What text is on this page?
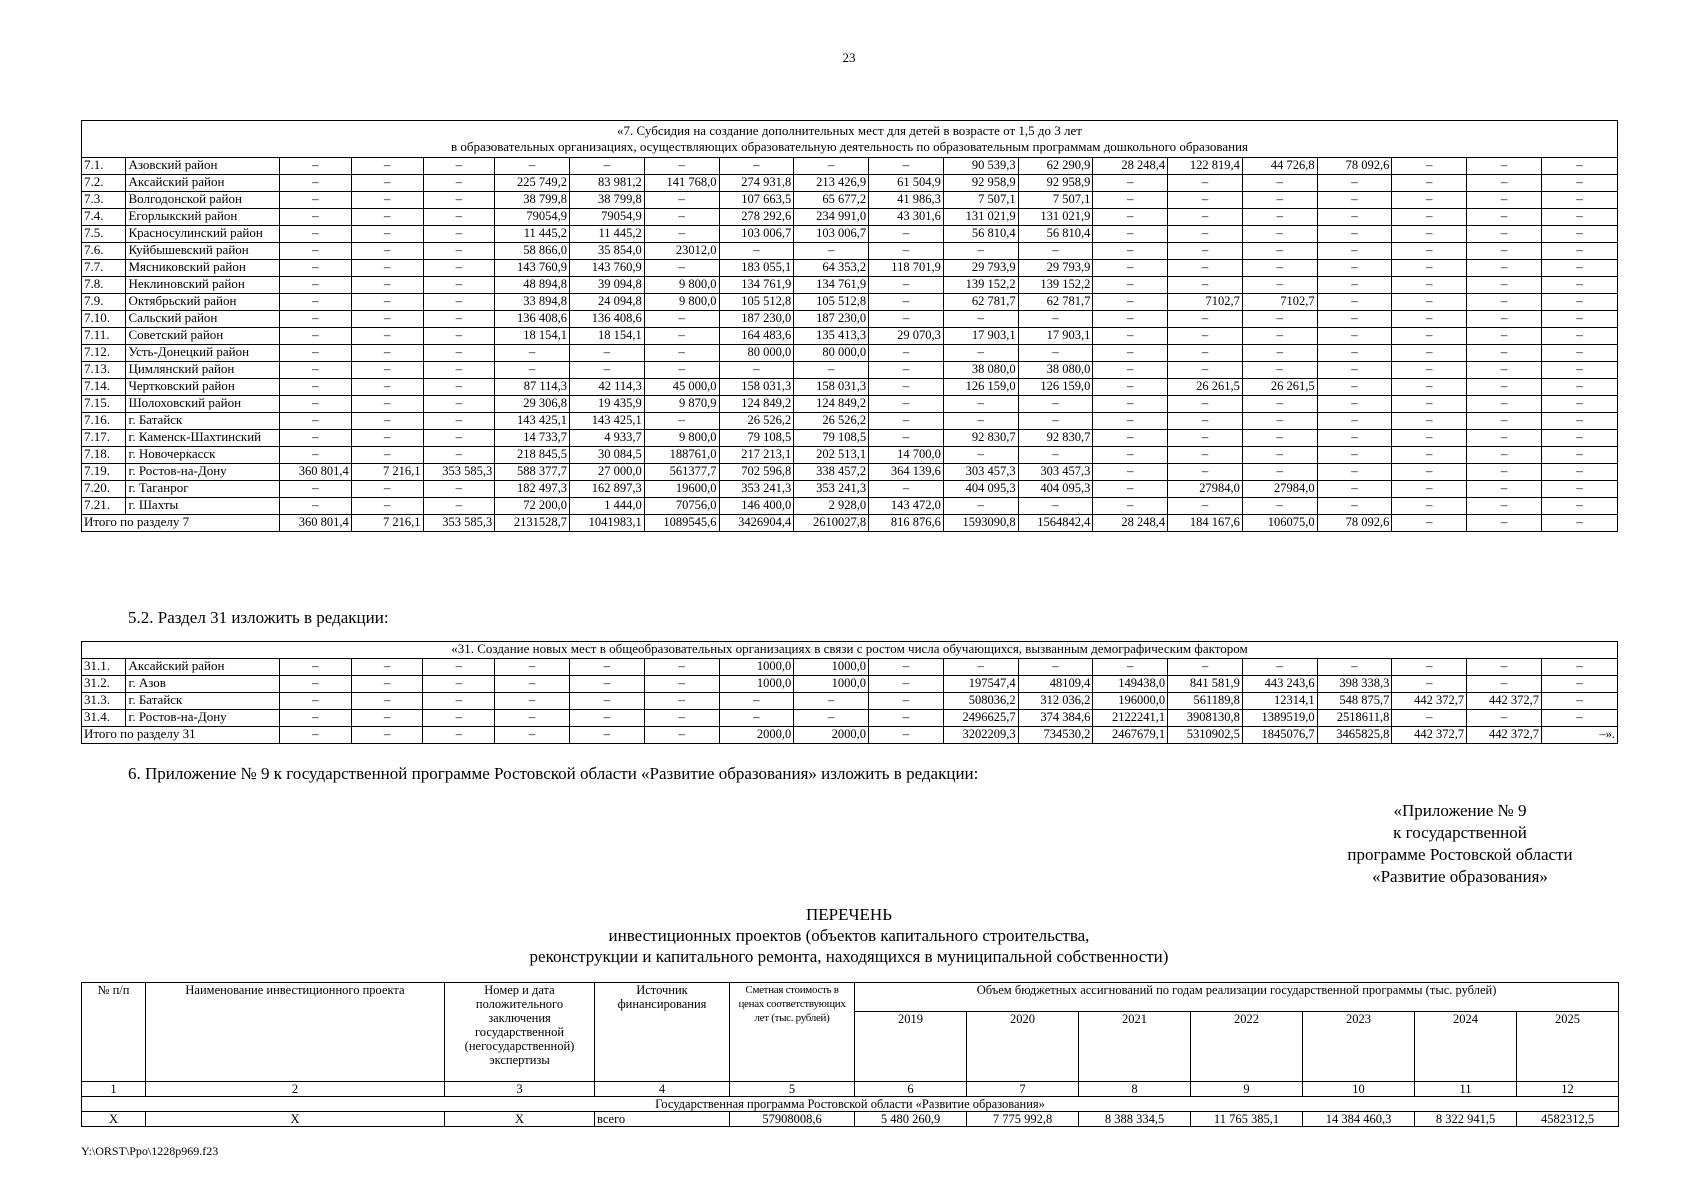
23
«7. Субсидия на создание дополнительных мест для детей в возрасте от 1,5 до 3 лет
в образовательных организациях, осуществляющих образовательную деятельность по образовательным программам дошкольного образования																			

7.1.	Азовский район	–	–	–	–	–	–	–	–	–	90 539,3	62 290,9	28 248,4	122 819,4	44 726,8	78 092,6	–	–	–
7.2.	Аксайский район	–	–	–	225 749,2	83 981,2	141 768,0	274 931,8	213 426,9	61 504,9	92 958,9	92 958,9	–	–	–	–	–	–	–
7.3.	Волгодонской район	–	–	–	38 799,8	38 799,8	–	107 663,5	65 677,2	41 986,3	7 507,1	7 507,1	–	–	–	–	–	–	–
7.4.	Егорлыкский район	–	–	–	79054,9	79054,9	–	278 292,6	234 991,0	43 301,6	131 021,9	131 021,9	–	–	–	–	–	–	–
7.5.	Красносулинский район	–	–	–	11 445,2	11 445,2	–	103 006,7	103 006,7	–	56 810,4	56 810,4	–	–	–	–	–	–	–
7.6.	Куйбышевский район	–	–	–	58 866,0	35 854,0	23012,0	–	–	–	–	–	–	–	–	–	–	–	–
7.7.	Мясниковский район	–	–	–	143 760,9	143 760,9	–	183 055,1	64 353,2	118 701,9	29 793,9	29 793,9	–	–	–	–	–	–	–
7.8.	Неклиновский район	–	–	–	48 894,8	39 094,8	9 800,0	134 761,9	134 761,9	–	139 152,2	139 152,2	–	–	–	–	–	–	–
7.9.	Октябрьский район	–	–	–	33 894,8	24 094,8	9 800,0	105 512,8	105 512,8	–	62 781,7	62 781,7	–	7102,7	7102,7	–	–	–	–
7.10.	Сальский район	–	–	–	136 408,6	136 408,6	–	187 230,0	187 230,0	–	–	–	–	–	–	–	–	–	–
7.11.	Советский район	–	–	–	18 154,1	18 154,1	–	164 483,6	135 413,3	29 070,3	17 903,1	17 903,1	–	–	–	–	–	–	–
7.12.	Усть-Донецкий район	–	–	–	–	–	–	80 000,0	80 000,0	–	–	–	–	–	–	–	–	–	–
7.13.	Цимлянский район	–	–	–	–	–	–	–	–	–	38 080,0	38 080,0	–	–	–	–	–	–	–
7.14.	Чертковский район	–	–	–	87 114,3	42 114,3	45 000,0	158 031,3	158 031,3	–	126 159,0	126 159,0	–	26 261,5	26 261,5	–	–	–	–
7.15.	Шолоховский район	–	–	–	29 306,8	19 435,9	9 870,9	124 849,2	124 849,2	–	–	–	–	–	–	–	–	–	–
7.16.	г. Батайск	–	–	–	143 425,1	143 425,1	–	26 526,2	26 526,2	–	–	–	–	–	–	–	–	–	–
7.17.	г. Каменск-Шахтинский	–	–	–	14 733,7	4 933,7	9 800,0	79 108,5	79 108,5	–	92 830,7	92 830,7	–	–	–	–	–	–	–
7.18.	г. Новочеркасск	–	–	–	218 845,5	30 084,5	188761,0	217 213,1	202 513,1	14 700,0	–	–	–	–	–	–	–	–	–
7.19.	г. Ростов-на-Дону	360 801,4	7 216,1	353 585,3	588 377,7	27 000,0	561377,7	702 596,8	338 457,2	364 139,6	303 457,3	303 457,3	–	–	–	–	–	–	–
7.20.	г. Таганрог	–	–	–	182 497,3	162 897,3	19600,0	353 241,3	353 241,3	–	404 095,3	404 095,3	–	27984,0	27984,0	–	–	–	–
7.21.	г. Шахты	–	–	–	72 200,0	1 444,0	70756,0	146 400,0	2 928,0	143 472,0	–	–	–	–	–	–	–	–	–
Итого по разделу 7		360 801,4	7 216,1	353 585,3	2131528,7	1041983,1	1089545,6	3426904,4	2610027,8	816 876,6	1593090,8	1564842,4	28 248,4	184 167,6	106075,0	78 092,6	–	–	–
5.2. Раздел 31 изложить в редакции:
«31. Создание новых мест в общеобразовательных организациях в связи с ростом числа обучающихся, вызванным демографическим фактором																			
31.1.	Аксайский район	–	–	–	–	–	–	1000,0	1000,0	–	–	–	–	–	–	–	–	–	–
31.2.	г. Азов	–	–	–	–	–	–	1000,0	1000,0	–	197547,4	48109,4	149438,0	841 581,9	443 243,6	398 338,3	–	–	–
31.3.	г. Батайск	–	–	–	–	–	–	–	–	–	508036,2	312 036,2	196000,0	561189,8	12314,1	548 875,7	442 372,7	442 372,7	–
31.4.	г. Ростов-на-Дону	–	–	–	–	–	–	–	–	–	2496625,7	374 384,6	2122241,1	3908130,8	1389519,0	2518611,8	–	–	–
Итого по разделу 31		–	–	–	–	–	–	2000,0	2000,0	–	3202209,3	734530,2	2467679,1	5310902,5	1845076,7	3465825,8	442 372,7	442 372,7	–».
6. Приложение № 9 к государственной программе Ростовской области «Развитие образования» изложить в редакции:
«Приложение № 9
к государственной
программе Ростовской области
«Развитие образования»
ПЕРЕЧЕНЬ
инвестиционных проектов (объектов капитального строительства,
реконструкции и капитального ремонта, находящихся в муниципальной собственности)
№ п/п	Наименование инвестиционного проекта	Номер и дата положительного заключения государственной (негосударственной) экспертизы	Источник финансирования	Сметная стоимость в ценах соответствующих лет (тыс. рублей)	Объем бюджетных ассигнований по годам реализации государственной программы (тыс. рублей)						
					2019	2020	2021	2022	2023	2024	2025
1	2	3	4	5	6	7	8	9	10	11	12
Государственная программа Ростовской области «Развитие образования»											
X	X	X	всего	57908008,6	5 480 260,9	7 775 992,8	8 388 334,5	11 765 385,1	14 384 460,3	8 322 941,5	4582312,5
Y:\ORST\Ppo\1228p969.f23
